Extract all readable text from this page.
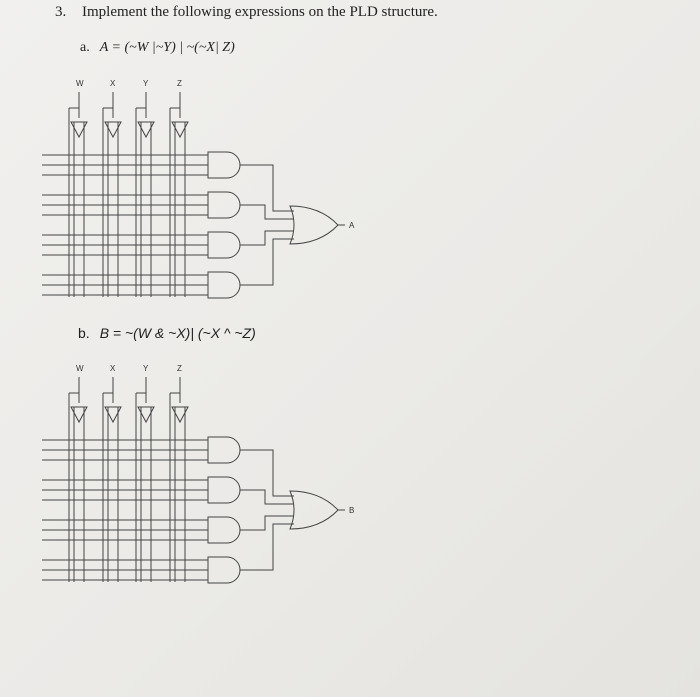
3. Implement the following expressions on the PLD structure.
a. A = (~W |~Y) | ~(~X| Z)
b. B = ~(W & ~X)| (~X ^ ~Z)
W	X	Y	Z
A
W	X	Y	Z
B
